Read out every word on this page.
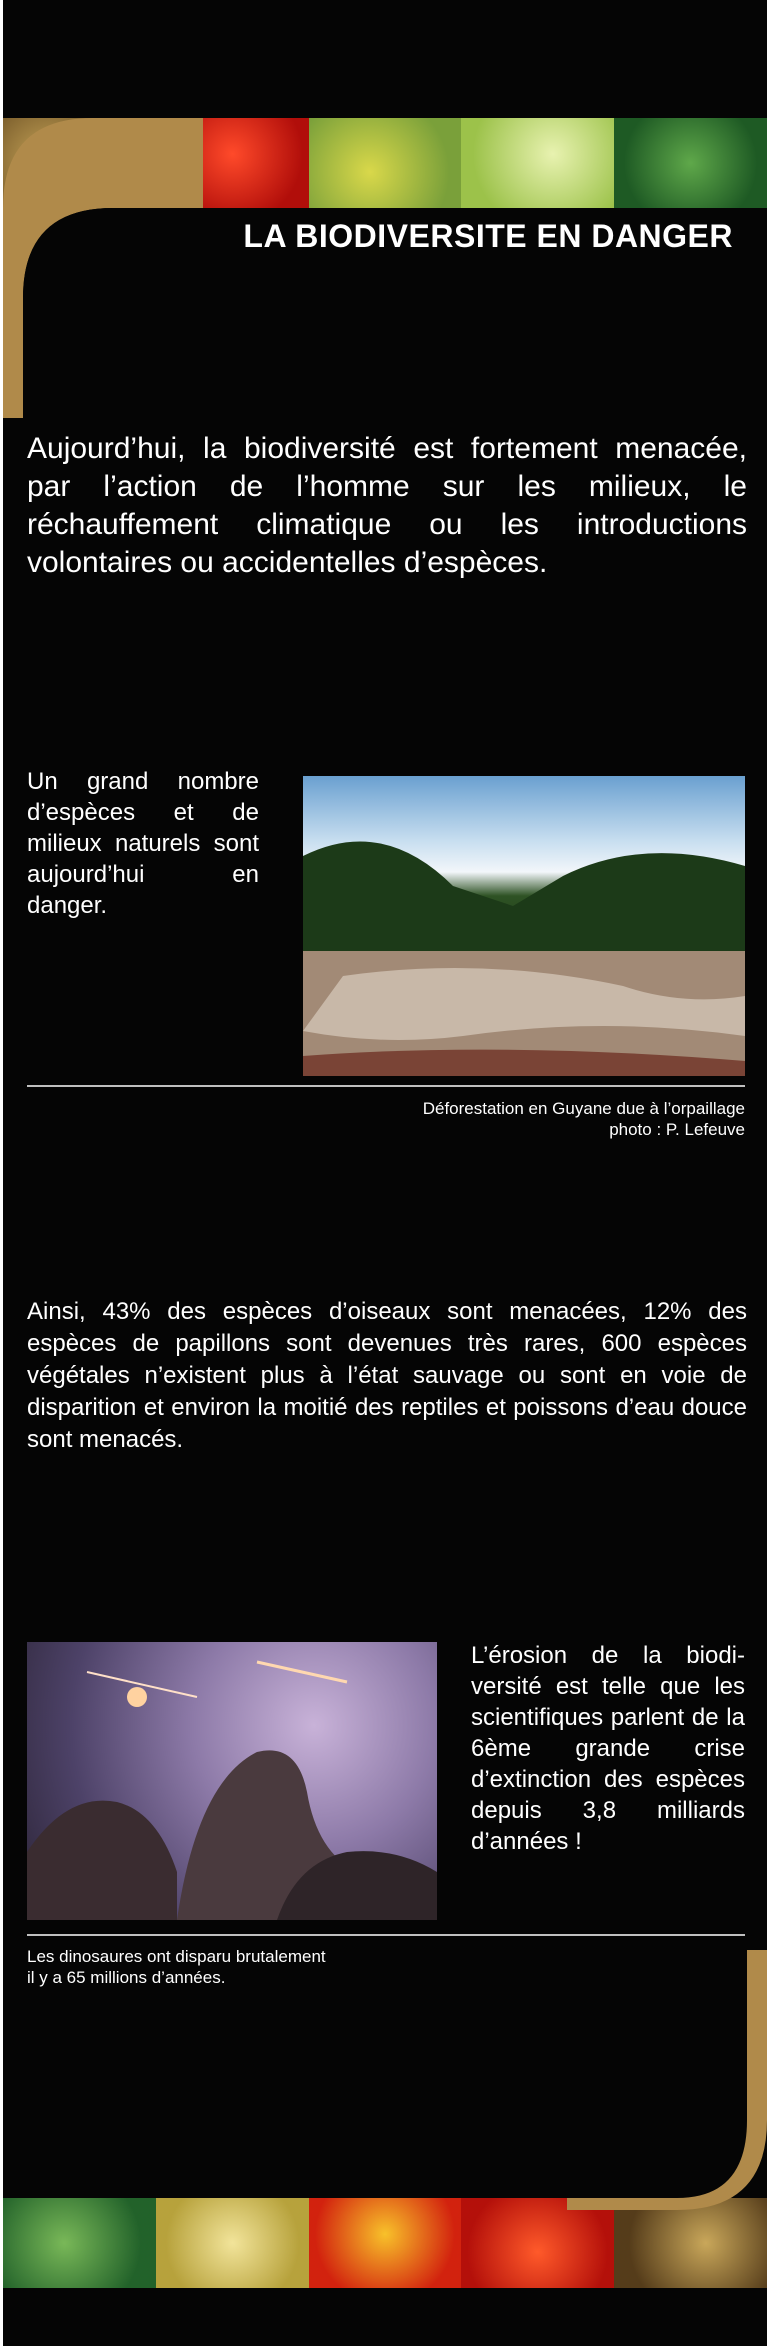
LA BIODIVERSITE EN DANGER

Aujourd’hui, la biodiversité est fortement menacée, par l’action de l’homme sur les milieux, le réchauffement climatique ou les introductions volontaires ou accidentelles d’espèces.

Un grand nombre d’espèces et de milieux naturels sont aujourd’hui en danger.

Déforestation en Guyane due à l’orpaillage
photo : P. Lefeuve

Ainsi, 43% des espèces d’oiseaux sont menacées, 12% des espèces de papillons sont devenues très rares, 600 espèces végétales n’existent plus à l’état sauvage ou sont en voie de disparition et environ la moitié des reptiles et poissons d’eau douce sont menacés.

L’érosion de la biodi-versité est telle que les scientifiques parlent de la 6ème grande crise d’extinction des espèces depuis 3,8 milliards d’années !

Les dinosaures ont disparu brutalement
il y a 65 millions d’années.
